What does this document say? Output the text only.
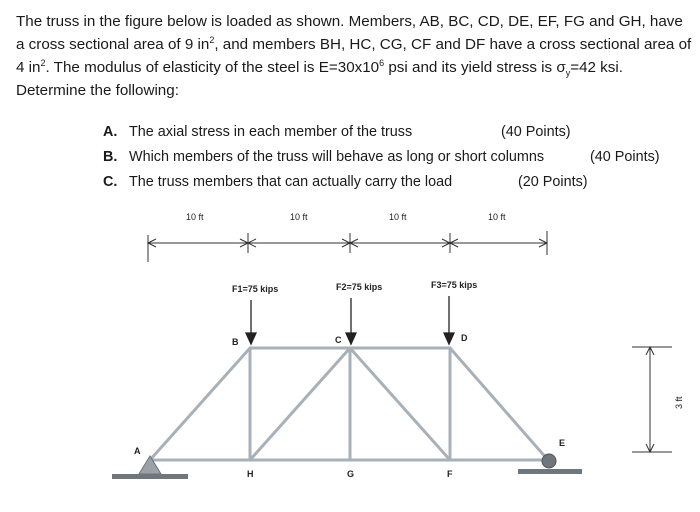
The truss in the figure below is loaded as shown. Members, AB, BC, CD, DE, EF, FG and GH, have a cross sectional area of 9 $in^2$, and members BH, HC, CG, CF and DF have a cross sectional area of 4 $in^2$. The modulus of elasticity of the steel is $E=30x10^6$ psi and its yield stress is $\sigma_y=42$ ksi. Determine the following:
A. The axial stress in each member of the truss	(40 Points)
B. Which members of the truss will behave as long or short columns	(40 Points)
C. The truss members that can actually carry the load	(20 Points)
10 ft	10 ft	10 ft	10 ft
F1=75 kips	F2=75 kips	F3=75 kips
A
B	C	D
E
F
G
H
3 ft
